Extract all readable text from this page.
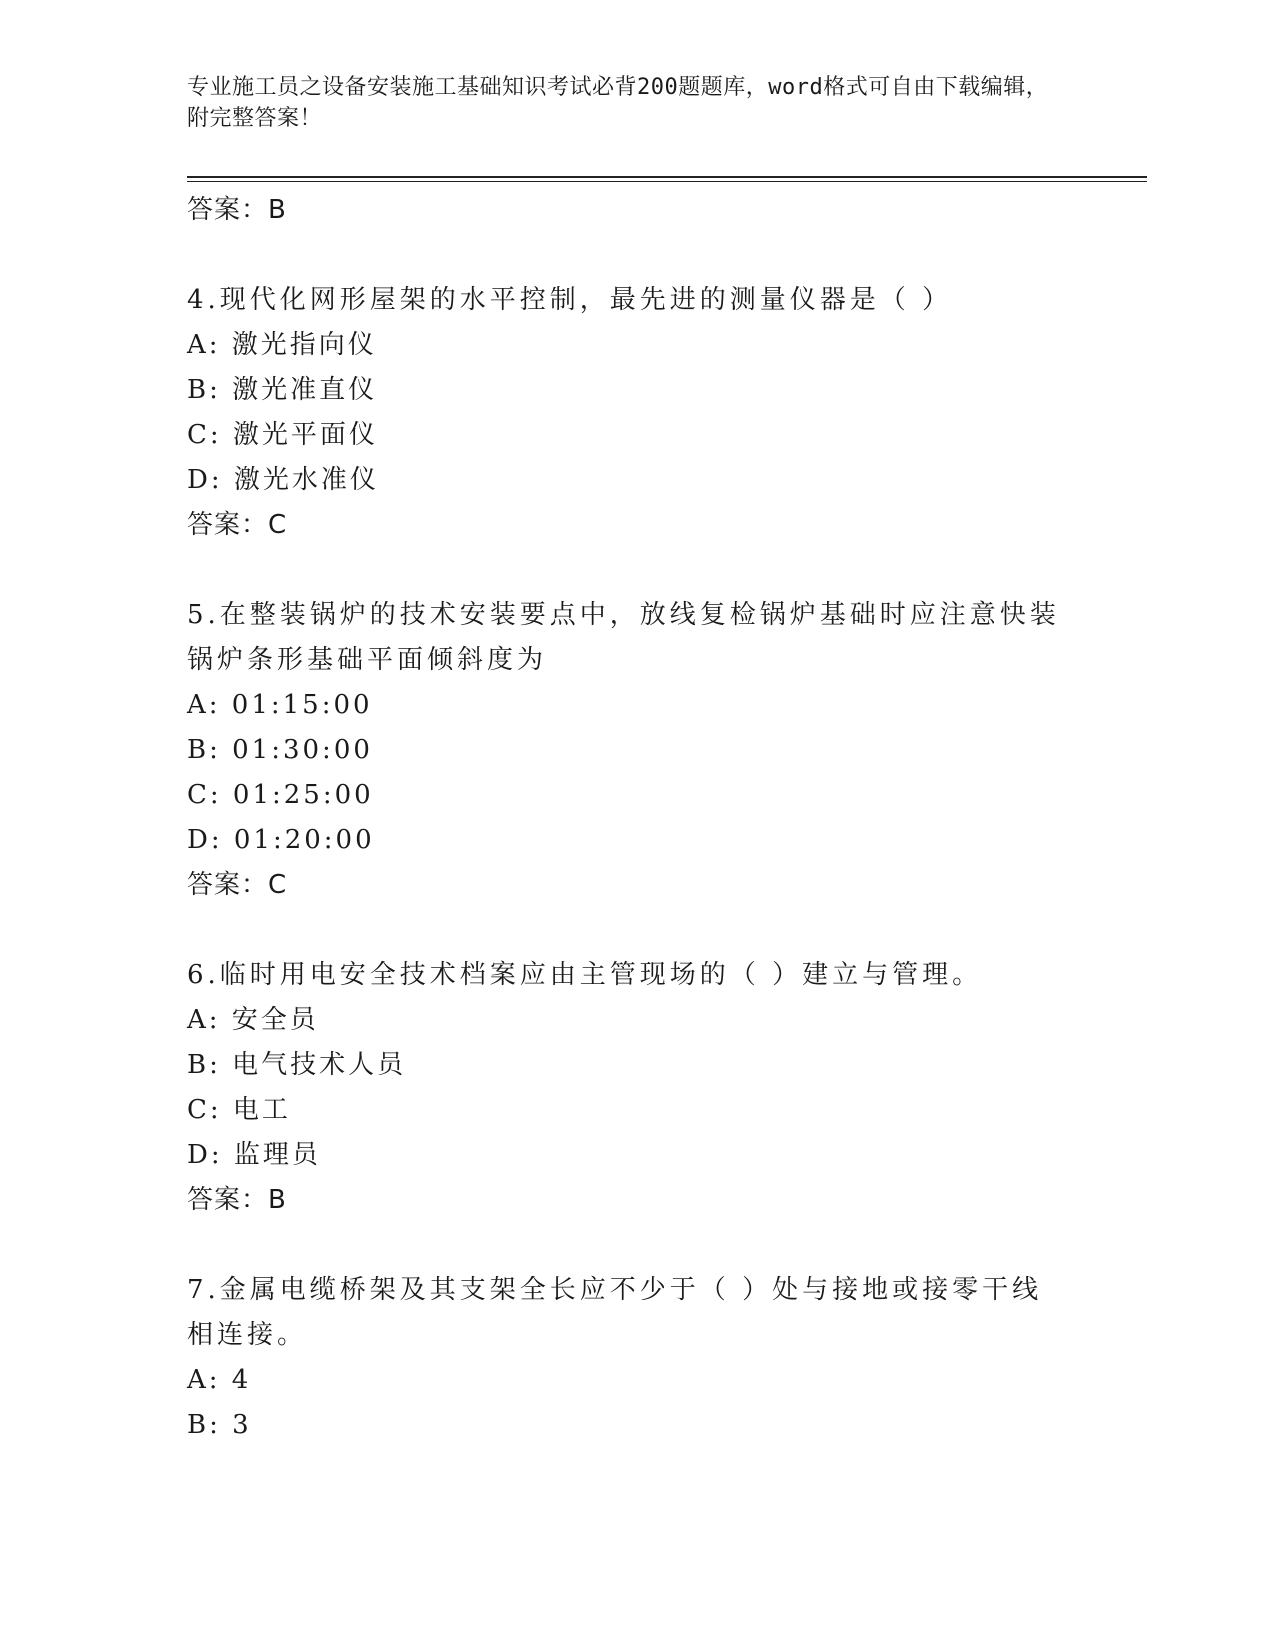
专业施工员之设备安装施工基础知识考试必背200题题库，word格式可自由下载编辑，附完整答案！
答案：B
4.现代化网形屋架的水平控制，最先进的测量仪器是（ ）
A: 激光指向仪
B: 激光准直仪
C: 激光平面仪
D: 激光水准仪
答案：C
5.在整装锅炉的技术安装要点中，放线复检锅炉基础时应注意快装锅炉条形基础平面倾斜度为
A: 01:15:00
B: 01:30:00
C: 01:25:00
D: 01:20:00
答案：C
6.临时用电安全技术档案应由主管现场的（ ）建立与管理。
A: 安全员
B: 电气技术人员
C: 电工
D: 监理员
答案：B
7.金属电缆桥架及其支架全长应不少于（ ）处与接地或接零干线相连接。
A: 4
B: 3
